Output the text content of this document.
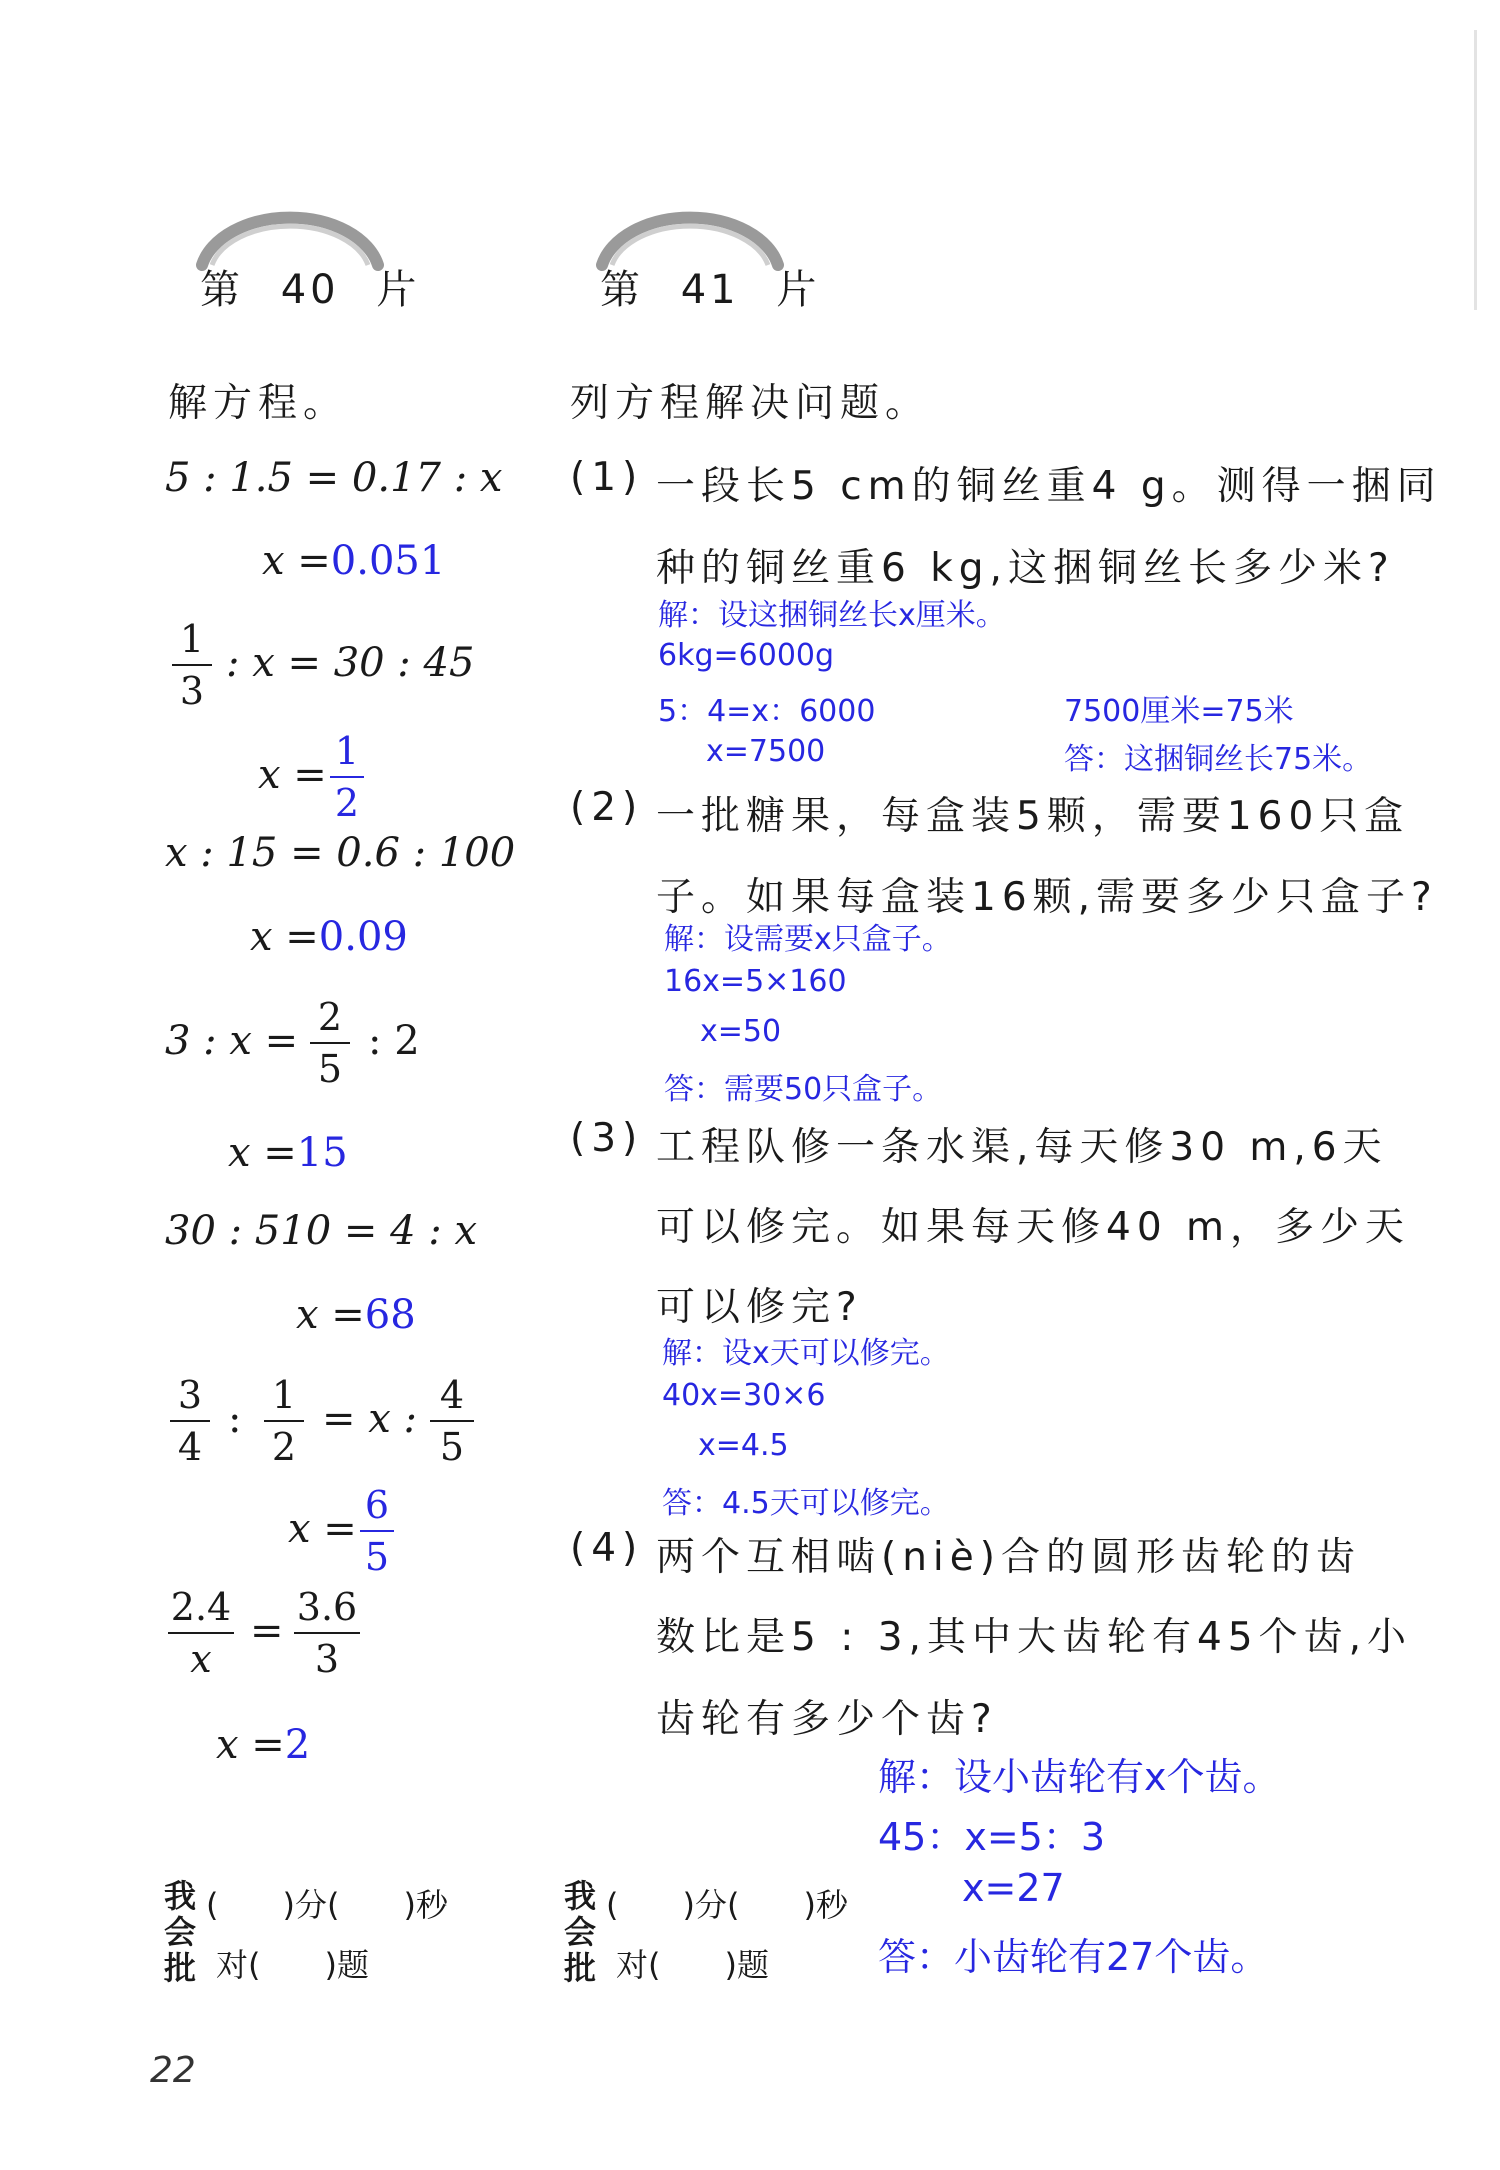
第 40 片
解方程。
5 : 1.5 = 0.17 : x
x =0.051
1
3
: x = 30 : 45
x =
1
2
x : 15 = 0.6 : 100
x =0.09
3 : x =
2
5
: 2
x =15
30 : 510 = 4 : x
x =68
3
4
:
1
2
= x :
4
5
x =
6
5
2.4
x
=
3.6
3
x =2
我
会
批
(　　)分(　　)秒
对(　　)题
22
第 41 片
列方程解决问题。
(1) 一段长5 cm的铜丝重4 g。测得一捆同
种的铜丝重6 kg,这捆铜丝长多少米?
解：设这捆铜丝长x厘米。
6kg=6000g
5：4=x：6000
x=7500
7500厘米=75米
答：这捆铜丝长75米。
(2) 一批糖果，每盒装5颗，需要160只盒
子。如果每盒装16颗,需要多少只盒子?
解：设需要x只盒子。
16x=5×160
x=50
答：需要50只盒子。
(3) 工程队修一条水渠,每天修30 m,6天
可以修完。如果每天修40 m，多少天
可以修完?
解：设x天可以修完。
40x=30×6
x=4.5
答：4.5天可以修完。
(4) 两个互相啮(niè)合的圆形齿轮的齿
数比是5 : 3,其中大齿轮有45个齿,小
齿轮有多少个齿?
解：设小齿轮有x个齿。
45：x=5：3
x=27
答：小齿轮有27个齿。
我
会
批
(　　)分(　　)秒
对(　　)题
